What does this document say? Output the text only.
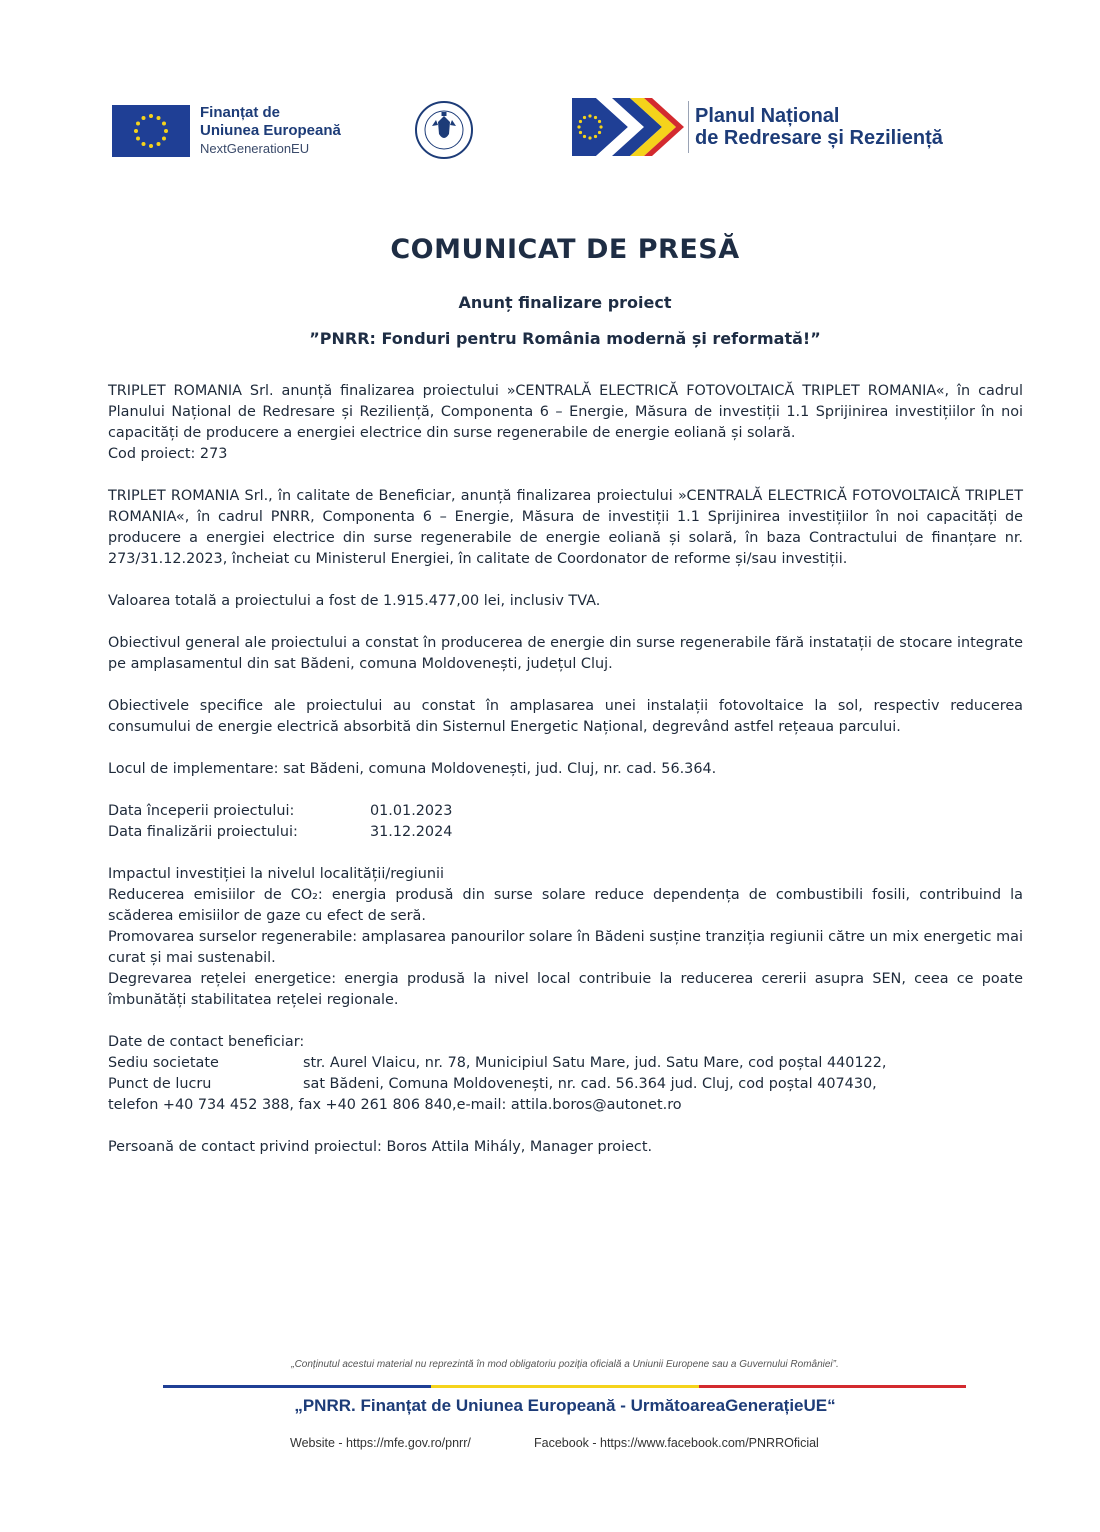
Finanțat de
Uniunea Europeană
NextGenerationEU
Planul Național
de Redresare și Reziliență
COMUNICAT DE PRESĂ
Anunț finalizare proiect
”PNRR: Fonduri pentru România modernă și reformată!”

TRIPLET ROMANIA Srl. anunță finalizarea proiectului »CENTRALĂ ELECTRICĂ FOTOVOLTAICĂ TRIPLET ROMANIA«, în cadrul Planului Național de Redresare și Reziliență, Componenta 6 – Energie, Măsura de investiții 1.1 Sprijinirea investițiilor în noi capacități de producere a energiei electrice din surse regenerabile de energie eoliană și solară.

Cod proiect: 273

TRIPLET ROMANIA Srl., în calitate de Beneficiar, anunță finalizarea proiectului »CENTRALĂ ELECTRICĂ FOTOVOLTAICĂ TRIPLET ROMANIA«, în cadrul PNRR, Componenta 6 – Energie, Măsura de investiții 1.1 Sprijinirea investițiilor în noi capacități de producere a energiei electrice din surse regenerabile de energie eoliană și solară, în baza Contractului de finanțare nr. 273/31.12.2023, încheiat cu Ministerul Energiei, în calitate de Coordonator de reforme și/sau investiții.

Valoarea totală a proiectului a fost de 1.915.477,00 lei, inclusiv TVA.

Obiectivul general ale proiectului a constat în producerea de energie din surse regenerabile fără instatații de stocare integrate pe amplasamentul din sat Bădeni, comuna Moldovenești, județul Cluj.

Obiectivele specifice ale proiectului au constat în amplasarea unei instalații fotovoltaice la sol, respectiv reducerea consumului de energie electrică absorbită din Sisternul Energetic Național, degrevând astfel rețeaua parcului.

Locul de implementare: sat Bădeni, comuna Moldovenești, jud. Cluj, nr. cad. 56.364.

Data începerii proiectului:	01.01.2023
Data finalizării proiectului:	31.12.2024

Impactul investiției la nivelul localității/regiunii

Reducerea emisiilor de CO₂: energia produsă din surse solare reduce dependența de combustibili fosili, contribuind la scăderea emisiilor de gaze cu efect de seră.

Promovarea surselor regenerabile: amplasarea panourilor solare în Bădeni susține tranziția regiunii către un mix energetic mai curat și mai sustenabil.

Degrevarea rețelei energetice: energia produsă la nivel local contribuie la reducerea cererii asupra SEN, ceea ce poate îmbunătăți stabilitatea rețelei regionale.

Date de contact beneficiar:

Sediu societate	str. Aurel Vlaicu, nr. 78, Municipiul Satu Mare, jud. Satu Mare, cod poștal 440122,
Punct de lucru	sat Bădeni, Comuna Moldovenești, nr. cad. 56.364 jud. Cluj, cod poștal 407430,

telefon +40 734 452 388, fax +40 261 806 840,e-mail: attila.boros@autonet.ro

Persoană de contact privind proiectul: Boros Attila Mihály, Manager proiect.

„Conținutul acestui material nu reprezintă în mod obligatoriu poziția oficială a Uniunii Europene sau a Guvernului României”.
„PNRR. Finanțat de Uniunea Europeană - UrmătoareaGenerațieUE“
Website - https://mfe.gov.ro/pnrr/	Facebook - https://www.facebook.com/PNRROficial
